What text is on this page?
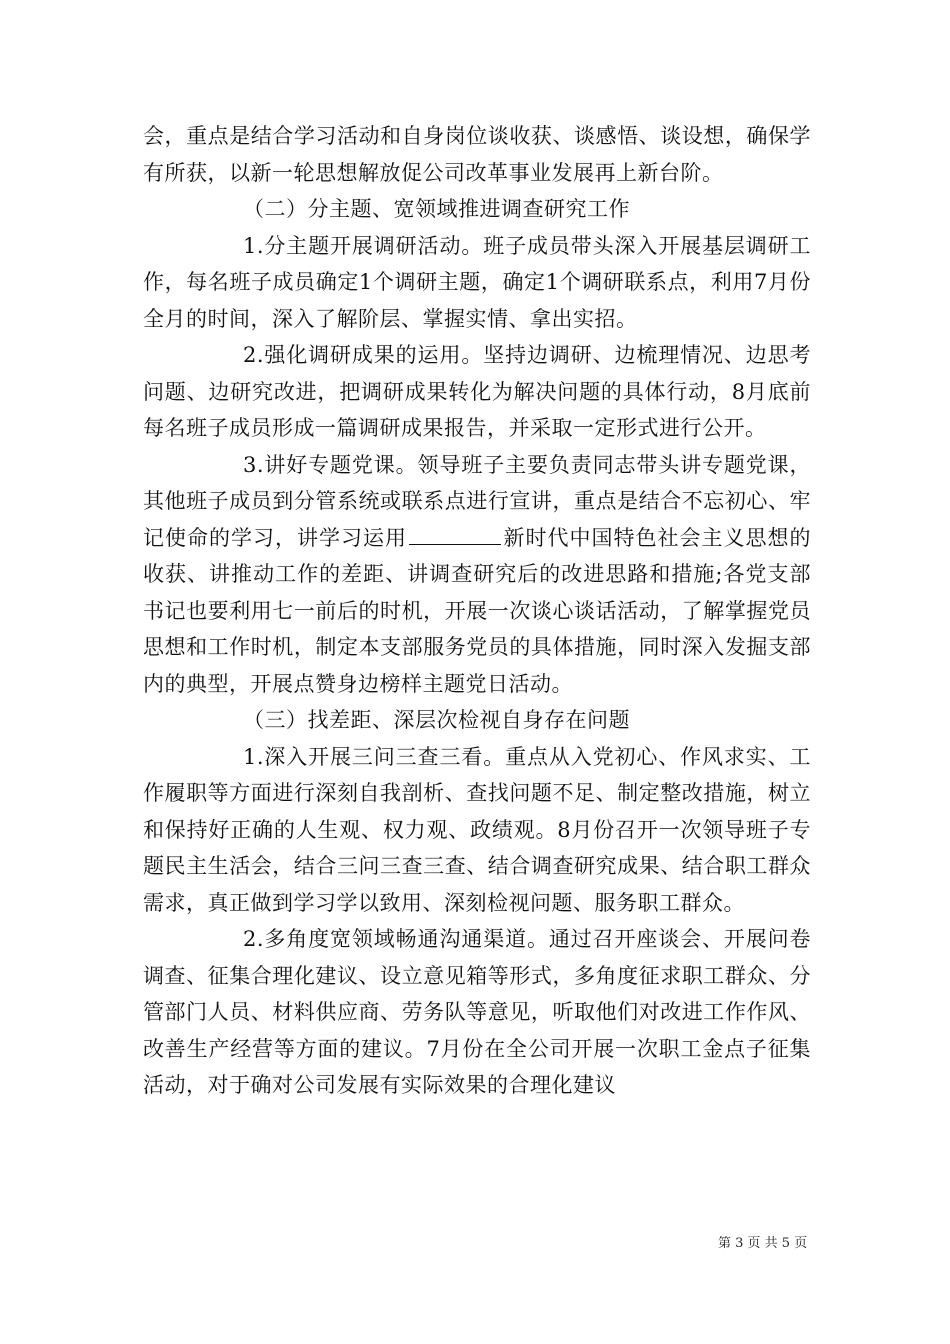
会，重点是结合学习活动和自身岗位谈收获、谈感悟、谈设想，确保学有所获，以新一轮思想解放促公司改革事业发展再上新台阶。

（二）分主题、宽领域推进调查研究工作

1.分主题开展调研活动。班子成员带头深入开展基层调研工作，每名班子成员确定1个调研主题，确定1个调研联系点，利用7月份全月的时间，深入了解阶层、掌握实情、拿出实招。

2.强化调研成果的运用。坚持边调研、边梳理情况、边思考问题、边研究改进，把调研成果转化为解决问题的具体行动，8月底前每名班子成员形成一篇调研成果报告，并采取一定形式进行公开。

3.讲好专题党课。领导班子主要负责同志带头讲专题党课，其他班子成员到分管系统或联系点进行宣讲，重点是结合不忘初心、牢记使命的学习，讲学习运用	新时代中国特色社会主义思想的收获、讲推动工作的差距、讲调查研究后的改进思路和措施;各党支部书记也要利用七一前后的时机，开展一次谈心谈话活动，了解掌握党员思想和工作时机，制定本支部服务党员的具体措施，同时深入发掘支部内的典型，开展点赞身边榜样主题党日活动。

（三）找差距、深层次检视自身存在问题

1.深入开展三问三查三看。重点从入党初心、作风求实、工作履职等方面进行深刻自我剖析、查找问题不足、制定整改措施，树立和保持好正确的人生观、权力观、政绩观。8月份召开一次领导班子专题民主生活会，结合三问三查三查、结合调查研究成果、结合职工群众需求，真正做到学习学以致用、深刻检视问题、服务职工群众。

2.多角度宽领域畅通沟通渠道。通过召开座谈会、开展问卷调查、征集合理化建议、设立意见箱等形式，多角度征求职工群众、分管部门人员、材料供应商、劳务队等意见，听取他们对改进工作作风、改善生产经营等方面的建议。7月份在全公司开展一次职工金点子征集活动，对于确对公司发展有实际效果的合理化建议

第 3 页 共 5 页
